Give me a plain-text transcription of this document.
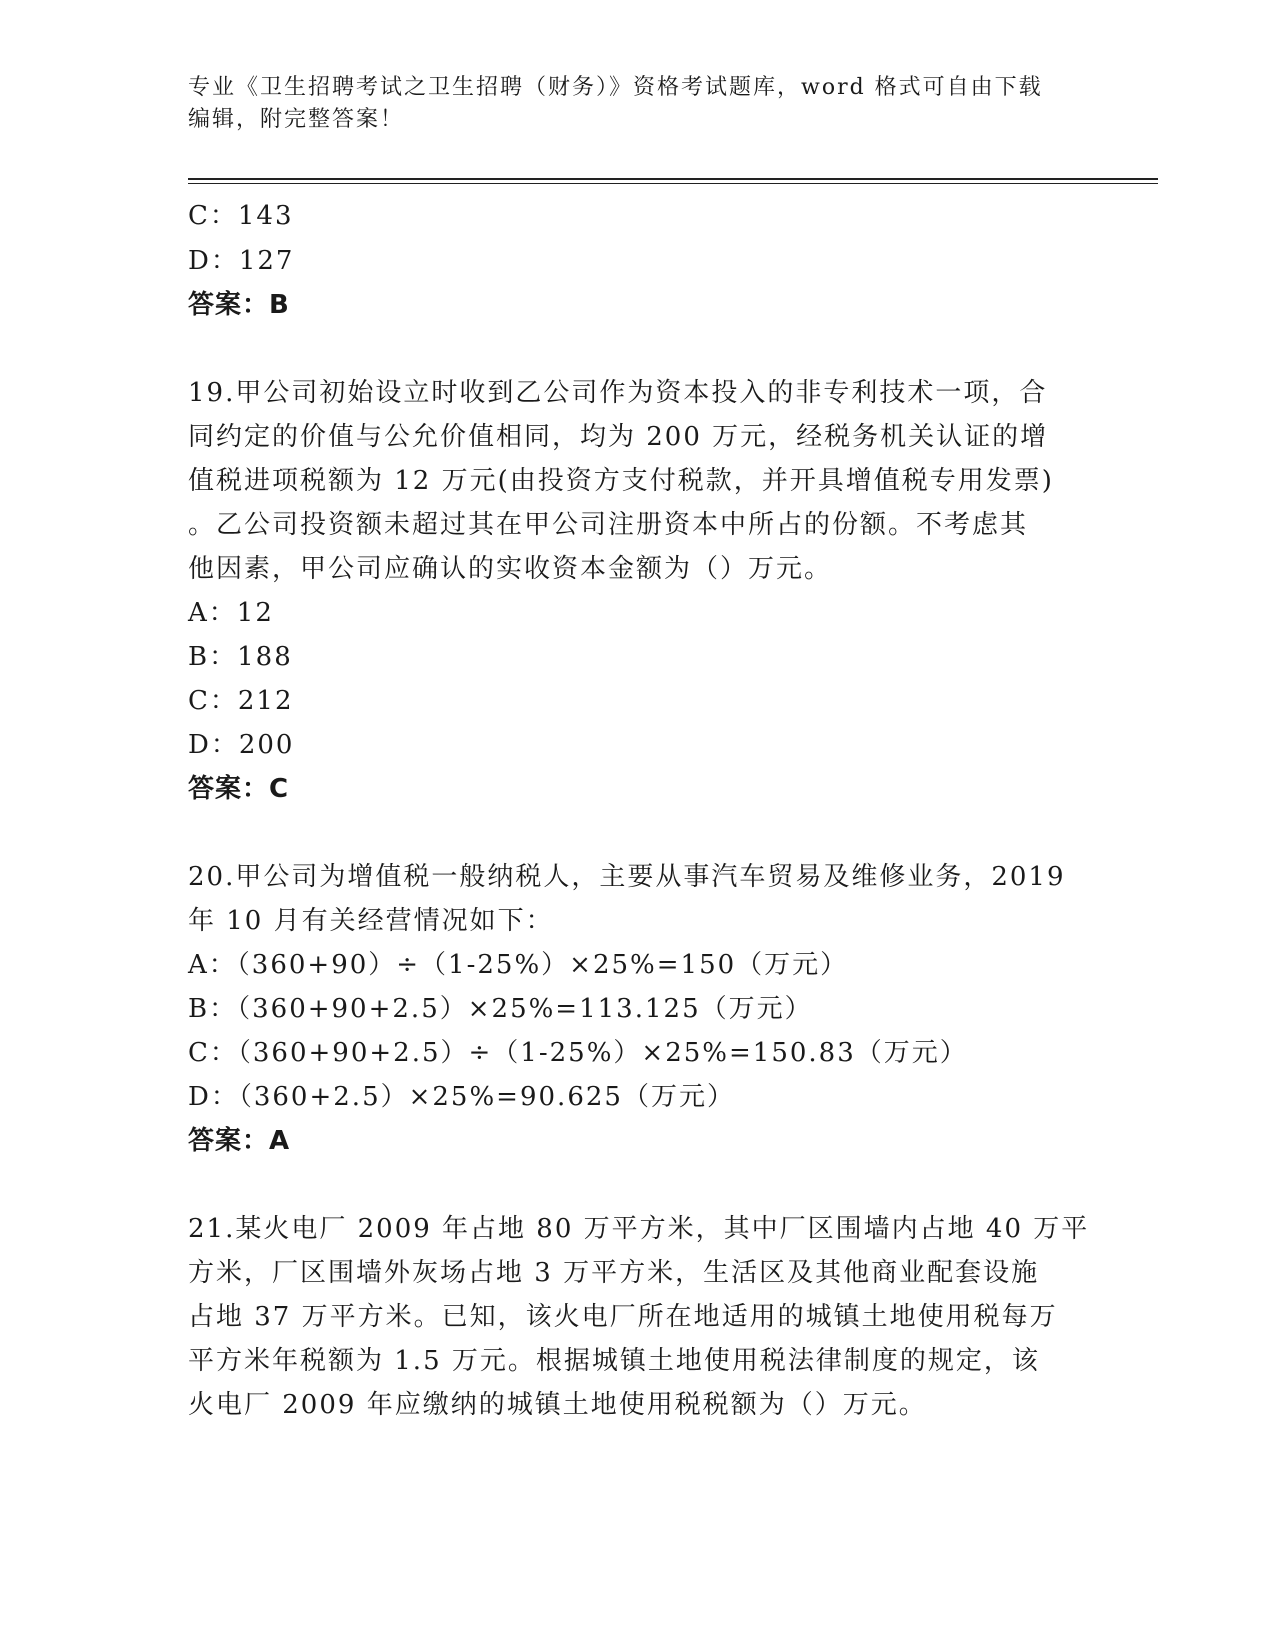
专业《卫生招聘考试之卫生招聘（财务）》资格考试题库，word 格式可自由下载
编辑，附完整答案！
C：143
D：127
答案：B
19.甲公司初始设立时收到乙公司作为资本投入的非专利技术一项，合
同约定的价值与公允价值相同，均为 200 万元，经税务机关认证的增
值税进项税额为 12 万元(由投资方支付税款，并开具增值税专用发票)
。乙公司投资额未超过其在甲公司注册资本中所占的份额。不考虑其
他因素，甲公司应确认的实收资本金额为（）万元。
A：12
B：188
C：212
D：200
答案：C
20.甲公司为增值税一般纳税人，主要从事汽车贸易及维修业务，2019
年 10 月有关经营情况如下：
A：（360+90）÷（1-25%）×25%=150（万元）
B：（360+90+2.5）×25%=113.125（万元）
C：（360+90+2.5）÷（1-25%）×25%=150.83（万元）
D：（360+2.5）×25%=90.625（万元）
答案：A
21.某火电厂 2009 年占地 80 万平方米，其中厂区围墙内占地 40 万平
方米，厂区围墙外灰场占地 3 万平方米，生活区及其他商业配套设施
占地 37 万平方米。已知，该火电厂所在地适用的城镇土地使用税每万
平方米年税额为 1.5 万元。根据城镇土地使用税法律制度的规定，该
火电厂 2009 年应缴纳的城镇土地使用税税额为（）万元。
